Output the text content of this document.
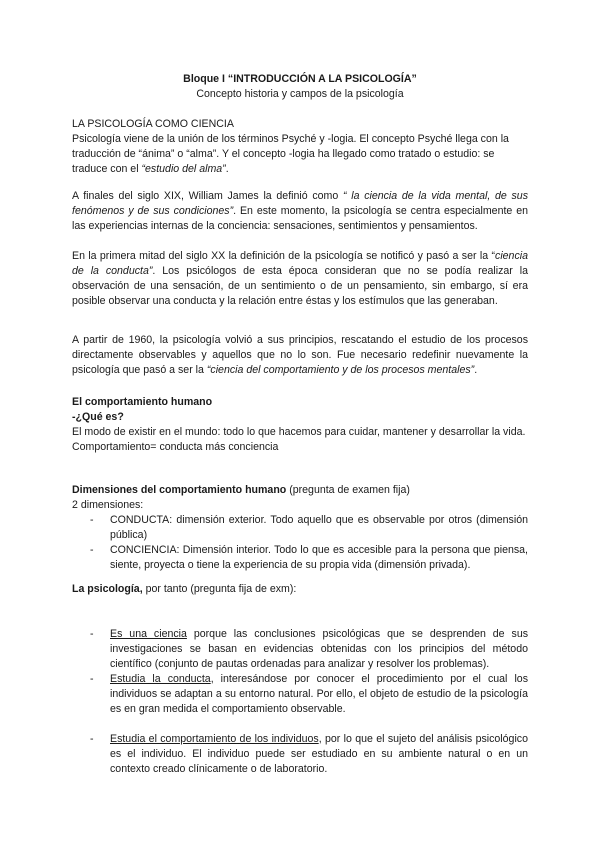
Bloque I “INTRODUCCIÓN A LA PSICOLOGÍA”
Concepto historia y campos de la psicología
LA PSICOLOGÍA COMO CIENCIA
Psicología viene de la unión de los términos Psyché y -logia. El concepto Psyché llega con la traducción de “ánima” o “alma”. Y el concepto -logia ha llegado como tratado o estudio: se traduce con el “estudio del alma”.
A finales del siglo XIX, William James la definió como “ la ciencia de la vida mental, de sus fenómenos y de sus condiciones”. En este momento, la psicología se centra especialmente en las experiencias internas de la conciencia: sensaciones, sentimientos y pensamientos.
En la primera mitad del siglo XX la definición de la psicología se notificó y pasó a ser la “ciencia de la conducta”. Los psicólogos de esta época consideran que no se podía realizar la observación de una sensación, de un sentimiento o de un pensamiento, sin embargo, sí era posible observar una conducta y la relación entre éstas y los estímulos que las generaban.
A partir de 1960, la psicología volvió a sus principios, rescatando el estudio de los procesos directamente observables y aquellos que no lo son. Fue necesario redefinir nuevamente la psicología que pasó a ser la “ciencia del comportamiento y de los procesos mentales”.
El comportamiento humano
-¿Qué es?
El modo de existir en el mundo: todo lo que hacemos para cuidar, mantener y desarrollar la vida.
Comportamiento= conducta más conciencia
Dimensiones del comportamiento humano (pregunta de examen fija)
2 dimensiones:
- CONDUCTA: dimensión exterior. Todo aquello que es observable por otros (dimensión pública)
- CONCIENCIA: Dimensión interior. Todo lo que es accesible para la persona que piensa, siente, proyecta o tiene la experiencia de su propia vida (dimensión privada).
La psicología, por tanto (pregunta fija de exm):
- Es una ciencia porque las conclusiones psicológicas que se desprenden de sus investigaciones se basan en evidencias obtenidas con los principios del método científico (conjunto de pautas ordenadas para analizar y resolver los problemas).
- Estudia la conducta, interesándose por conocer el procedimiento por el cual los individuos se adaptan a su entorno natural. Por ello, el objeto de estudio de la psicología es en gran medida el comportamiento observable.
- Estudia el comportamiento de los individuos, por lo que el sujeto del análisis psicológico es el individuo. El individuo puede ser estudiado en su ambiente natural o en un contexto creado clínicamente o de laboratorio.
